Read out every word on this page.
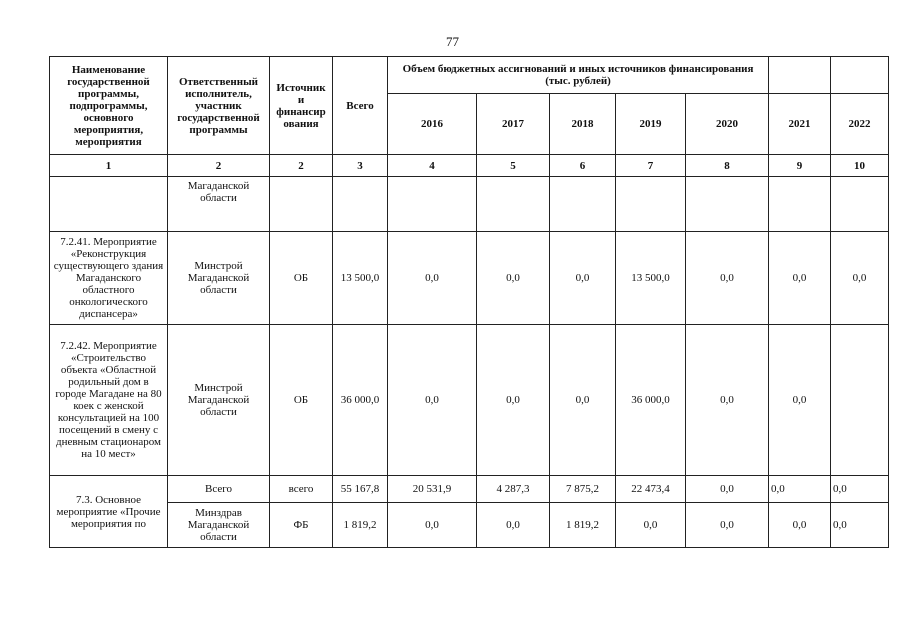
77
Наименование государственной программы, подпрограммы, основного мероприятия, мероприятия	Ответственный исполнитель, участник государственной программы	Источник и финансир ования	Всего	Объем бюджетных ассигнований и иных источников финансирования (тыс. рублей)						
				2016	2017	2018	2019	2020	2021	2022
1	2	2	3	4	5	6	7	8	9	10
	Магаданской области									
7.2.41. Мероприятие «Реконструкция существующего здания Магаданского областного онкологического диспансера»	Минстрой Магаданской области	ОБ	13 500,0	0,0	0,0	0,0	13 500,0	0,0	0,0	0,0
7.2.42. Мероприятие «Строительство объекта «Областной родильный дом в городе Магадане на 80 коек с женской консультацией на 100 посещений в смену с дневным стационаром на 10 мест»	Минстрой Магаданской области	ОБ	36 000,0	0,0	0,0	0,0	36 000,0	0,0	0,0	
7.3. Основное мероприятие «Прочие мероприятия по	Всего	всего	55 167,8	20 531,9	4 287,3	7 875,2	22 473,4	0,0	0,0	0,0
	Минздрав Магаданской области	ФБ	1 819,2	0,0	0,0	1 819,2	0,0	0,0	0,0	0,0
